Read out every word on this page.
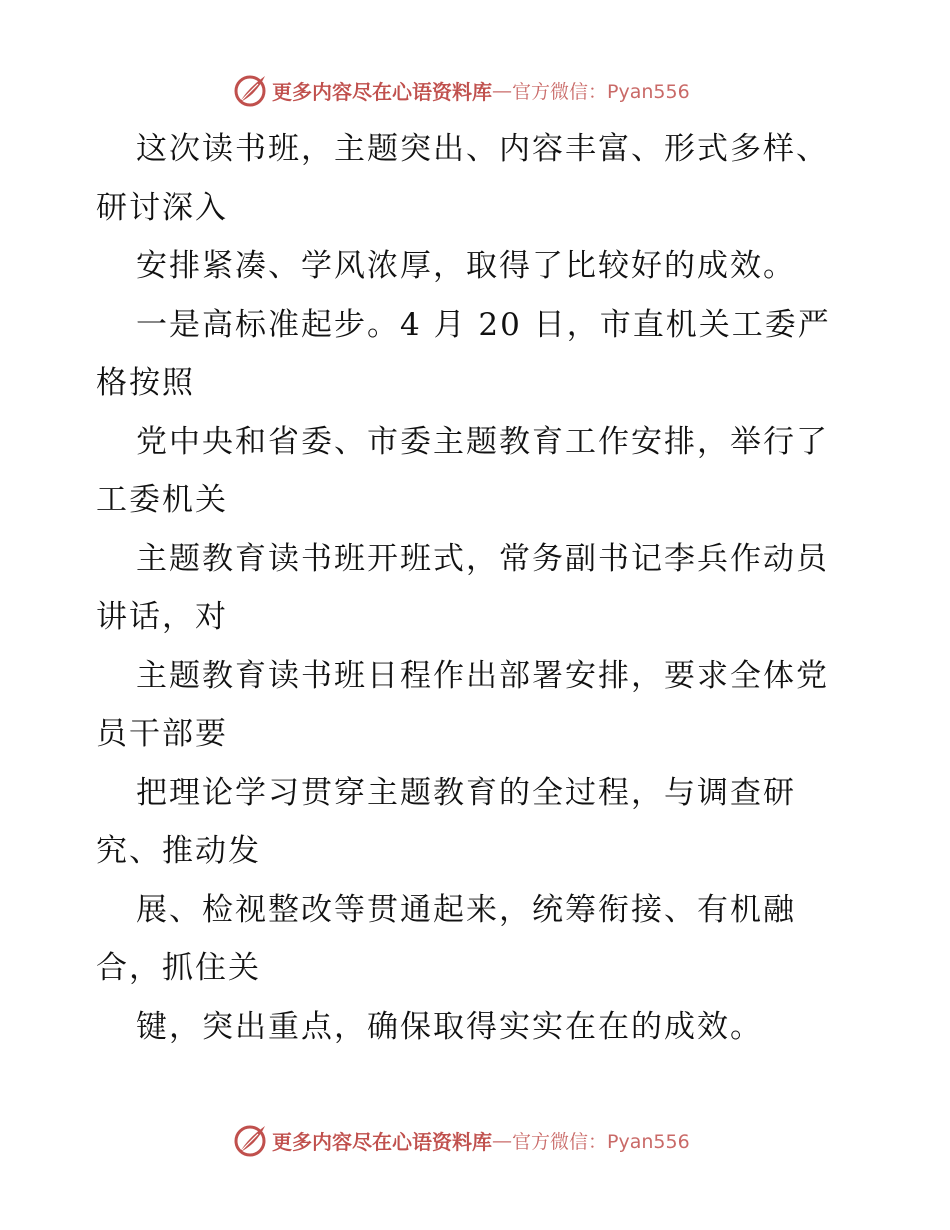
更多内容尽在心语资料库 — 官方微信：Pyan556
这次读书班，主题突出、内容丰富、形式多样、
研讨深入
安排紧凑、学风浓厚，取得了比较好的成效。
一是高标准起步。4 月 20 日，市直机关工委严
格按照
党中央和省委、市委主题教育工作安排，举行了
工委机关
主题教育读书班开班式，常务副书记李兵作动员
讲话，对
主题教育读书班日程作出部署安排，要求全体党
员干部要
把理论学习贯穿主题教育的全过程，与调查研
究、推动发
展、检视整改等贯通起来，统筹衔接、有机融
合，抓住关
键，突出重点，确保取得实实在在的成效。
更多内容尽在心语资料库 — 官方微信：Pyan556
